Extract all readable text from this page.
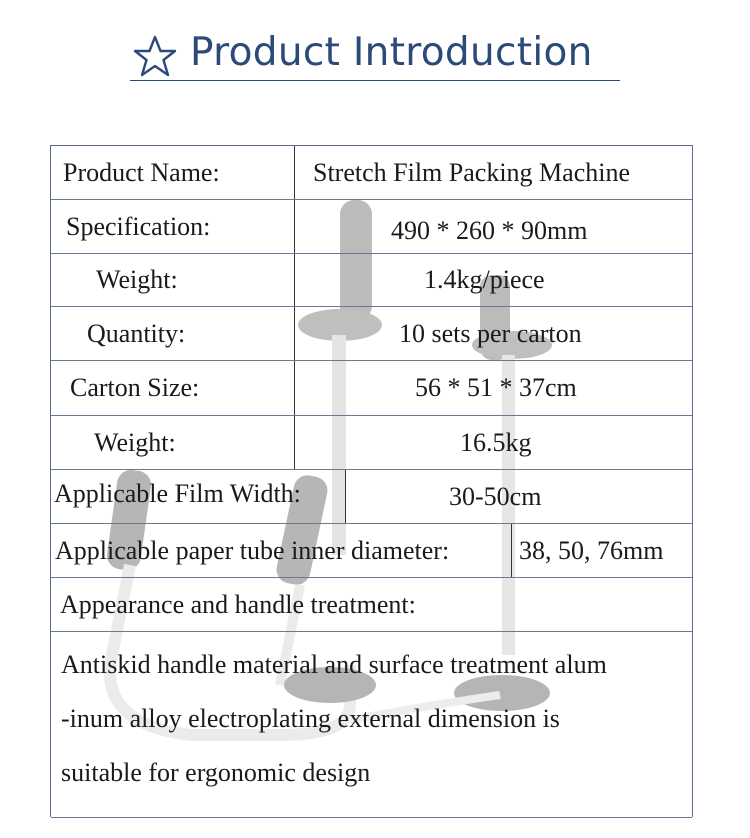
Product Introduction
Product Name:	Stretch Film Packing Machine
Specification:	490 * 260 * 90mm
Weight:	1.4kg/piece
Quantity:	10 sets per carton
Carton Size:	56 * 51 * 37cm
Weight:	16.5kg
Applicable Film Width:	30-50cm
Applicable paper tube inner diameter:	38, 50, 76mm
Appearance and handle treatment:
Antiskid handle material and surface treatment alum
-inum alloy electroplating external dimension is
suitable for ergonomic design
